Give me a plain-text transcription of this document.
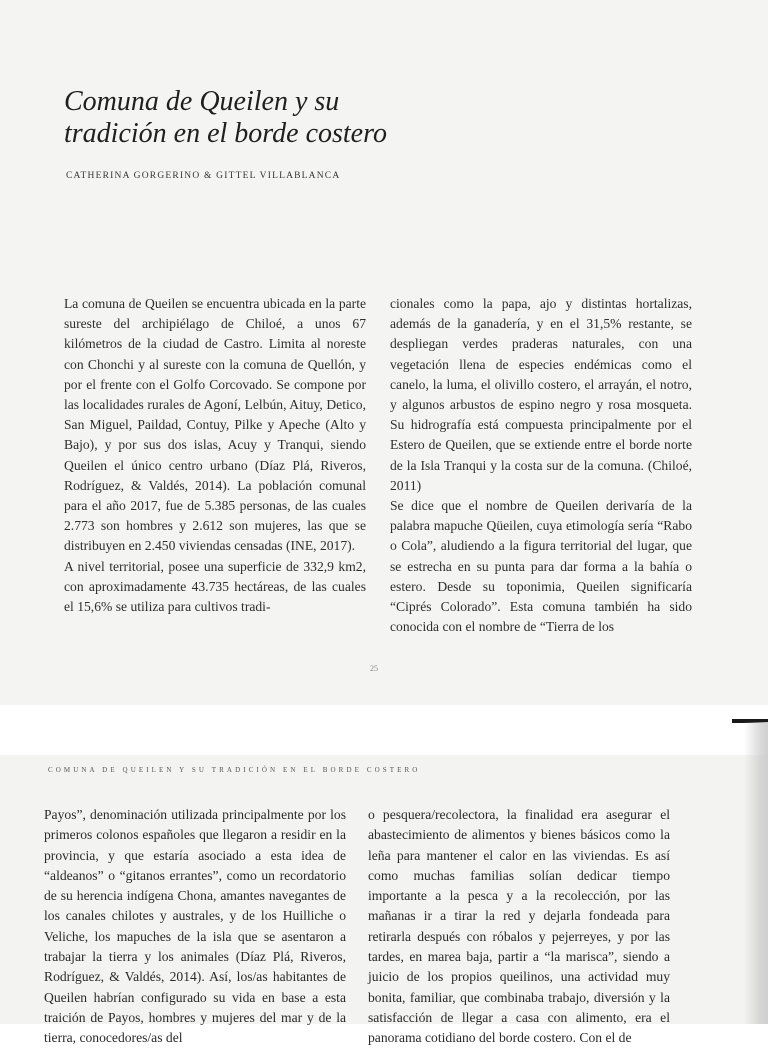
Comuna de Queilen y su tradición en el borde costero
CATHERINA GORGERINO & GITTEL VILLABLANCA

La comuna de Queilen se encuentra ubicada en la parte sureste del archipiélago de Chiloé, a unos 67 kilómetros de la ciudad de Castro. Limita al noreste con Chonchi y al sureste con la comuna de Quellón, y por el frente con el Golfo Corcovado. Se compone por las localidades rurales de Agoní, Lelbún, Aituy, Detico, San Miguel, Paildad, Contuy, Pilke y Apeche (Alto y Bajo), y por sus dos islas, Acuy y Tranqui, siendo Queilen el único centro urbano (Díaz Plá, Riveros, Rodríguez, & Valdés, 2014). La población comunal para el año 2017, fue de 5.385 personas, de las cuales 2.773 son hombres y 2.612 son mujeres, las que se distribuyen en 2.450 viviendas censadas (INE, 2017).

A nivel territorial, posee una superficie de 332,9 km2, con aproximadamente 43.735 hectáreas, de las cuales el 15,6% se utiliza para cultivos tradi-

cionales como la papa, ajo y distintas hortalizas, además de la ganadería, y en el 31,5% restante, se despliegan verdes praderas naturales, con una vegetación llena de especies endémicas como el canelo, la luma, el olivillo costero, el arrayán, el notro, y algunos arbustos de espino negro y rosa mosqueta. Su hidrografía está compuesta principalmente por el Estero de Queilen, que se extiende entre el borde norte de la Isla Tranqui y la costa sur de la comuna. (Chiloé, 2011)

Se dice que el nombre de Queilen derivaría de la palabra mapuche Qüeilen, cuya etimología sería “Rabo o Cola”, aludiendo a la figura territorial del lugar, que se estrecha en su punta para dar forma a la bahía o estero. Desde su toponimia, Queilen significaría “Ciprés Colorado”. Esta comuna también ha sido conocida con el nombre de “Tierra de los

25
COMUNA DE QUEILEN Y SU TRADICIÓN EN EL BORDE COSTERO

Payos”, denominación utilizada principalmente por los primeros colonos españoles que llegaron a residir en la provincia, y que estaría asociado a esta idea de “aldeanos” o “gitanos errantes”, como un recordatorio de su herencia indígena Chona, amantes navegantes de los canales chilotes y australes, y de los Huilliche o Veliche, los mapuches de la isla que se asentaron a trabajar la tierra y los animales (Díaz Plá, Riveros, Rodríguez, & Valdés, 2014). Así, los/as habitantes de Queilen habrían configurado su vida en base a esta traición de Payos, hombres y mujeres del mar y de la tierra, conocedores/as del

o pesquera/recolectora, la finalidad era asegurar el abastecimiento de alimentos y bienes básicos como la leña para mantener el calor en las viviendas. Es así como muchas familias solían dedicar tiempo importante a la pesca y a la recolección, por las mañanas ir a tirar la red y dejarla fondeada para retirarla después con róbalos y pejerreyes, y por las tardes, en marea baja, partir a “la marisca”, siendo a juicio de los propios queilinos, una actividad muy bonita, familiar, que combinaba trabajo, diversión y la satisfacción de llegar a casa con alimento, era el panorama cotidiano del borde costero. Con el de
